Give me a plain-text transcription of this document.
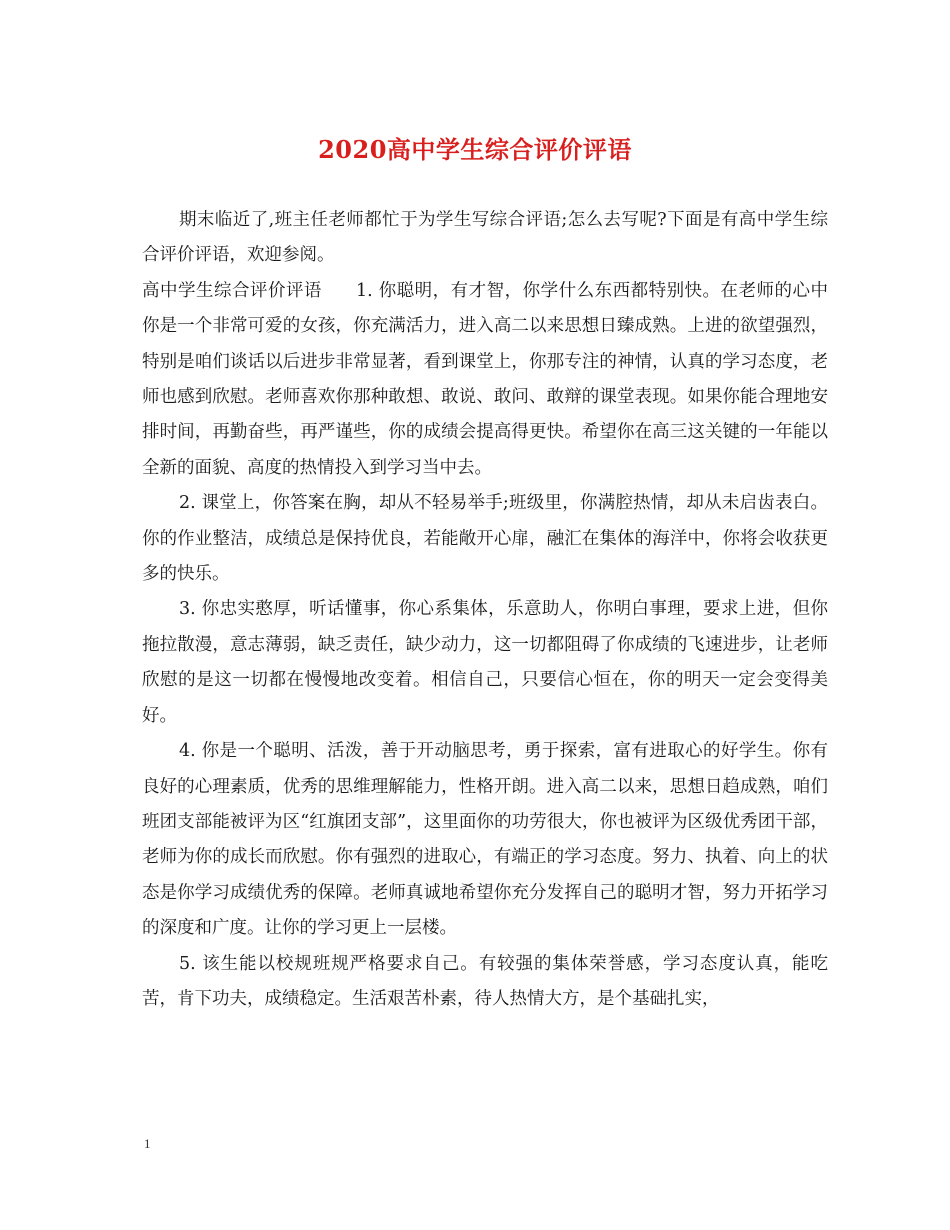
2020高中学生综合评价评语

期末临近了,班主任老师都忙于为学生写综合评语;怎么去写呢?下面是有高中学生综合评价评语，欢迎参阅。

高中学生综合评价评语 1. 你聪明，有才智，你学什么东西都特别快。在老师的心中你是一个非常可爱的女孩，你充满活力，进入高二以来思想日臻成熟。上进的欲望强烈，特别是咱们谈话以后进步非常显著，看到课堂上，你那专注的神情，认真的学习态度，老师也感到欣慰。老师喜欢你那种敢想、敢说、敢问、敢辩的课堂表现。如果你能合理地安排时间，再勤奋些，再严谨些，你的成绩会提高得更快。希望你在高三这关键的一年能以全新的面貌、高度的热情投入到学习当中去。

2. 课堂上，你答案在胸，却从不轻易举手;班级里，你满腔热情，却从未启齿表白。你的作业整洁，成绩总是保持优良，若能敞开心扉，融汇在集体的海洋中，你将会收获更多的快乐。

3. 你忠实憨厚，听话懂事，你心系集体，乐意助人，你明白事理，要求上进，但你拖拉散漫，意志薄弱，缺乏责任，缺少动力，这一切都阻碍了你成绩的飞速进步，让老师欣慰的是这一切都在慢慢地改变着。相信自己，只要信心恒在，你的明天一定会变得美好。

4. 你是一个聪明、活泼，善于开动脑思考，勇于探索，富有进取心的好学生。你有良好的心理素质，优秀的思维理解能力，性格开朗。进入高二以来，思想日趋成熟，咱们班团支部能被评为区“红旗团支部”，这里面你的功劳很大，你也被评为区级优秀团干部，老师为你的成长而欣慰。你有强烈的进取心，有端正的学习态度。努力、执着、向上的状态是你学习成绩优秀的保障。老师真诚地希望你充分发挥自己的聪明才智，努力开拓学习的深度和广度。让你的学习更上一层楼。

5. 该生能以校规班规严格要求自己。有较强的集体荣誉感，学习态度认真，能吃苦，肯下功夫，成绩稳定。生活艰苦朴素，待人热情大方，是个基础扎实，

1
